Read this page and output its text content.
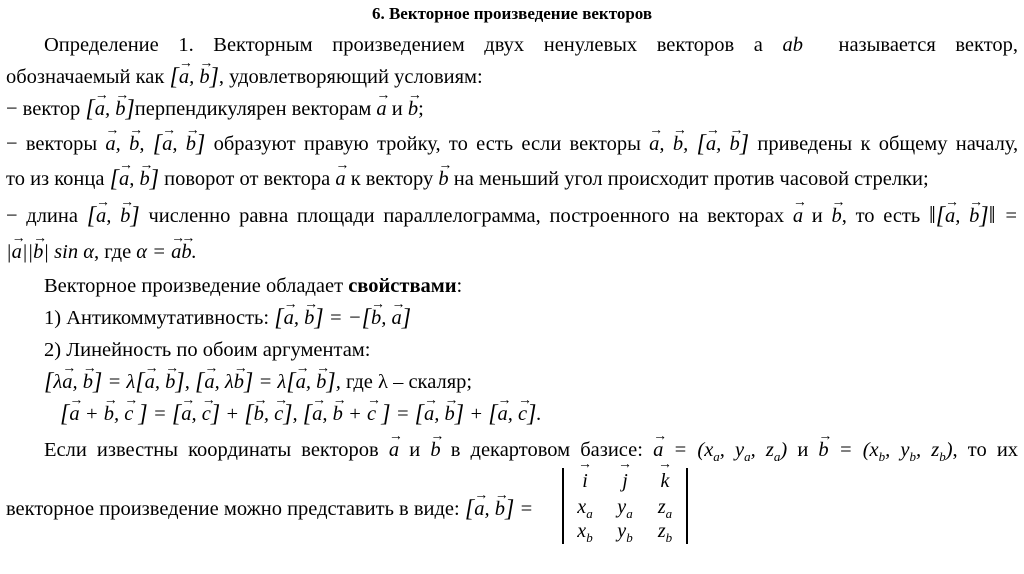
6. Векторное произведение векторов
Определение 1. Векторным произведением двух ненулевых векторов а ab⃗ называется вектор,
обозначаемый как [→ a, → b], удовлетворяющий условиям:
− вектор [→ a, → b]перпендикулярен векторам → a и → b;
− векторы → a, → b, [→ a, → b] образуют правую тройку, то есть если векторы → a, → b, [→ a, → b] приведены к общему началу,
то из конца [→ a, → b] поворот от вектора → a к вектору → b на меньший угол происходит против часовой стрелки;
− длина [→ a, → b] численно равна площади параллелограмма, построенного на векторах → a и → b, то есть ‖[→ a, → b]‖ =
|→ a||→ b| sin α, где α = → a→ b.
Векторное произведение обладает свойствами:
1) Антикоммутативность: [→ a, → b] = −[→ b, → a]
2) Линейность по обоим аргументам:
[λ→ a, → b] = λ[→ a, → b], [→ a, λ→ b] = λ[→ a, → b], где λ – скаляр;
[→ a + → b, → c ] = [→ a, → c] + [→ b, → c], [→ a, → b + → c ] = [→ a, → b] + [→ a, → c].
Если известны координаты векторов → a и → b в декартовом базисе: → $a = (x_a$, $y_a$, $z_a$) $и \to b = (x_b$, $y_b$, $z_b$), то их
векторное произведение можно представить в виде: [→ a, → b] =
→ i	→ j	→ k
$x_a$	$y_a$	$z_a$
$x_b$	$y_b$	$z_b$
